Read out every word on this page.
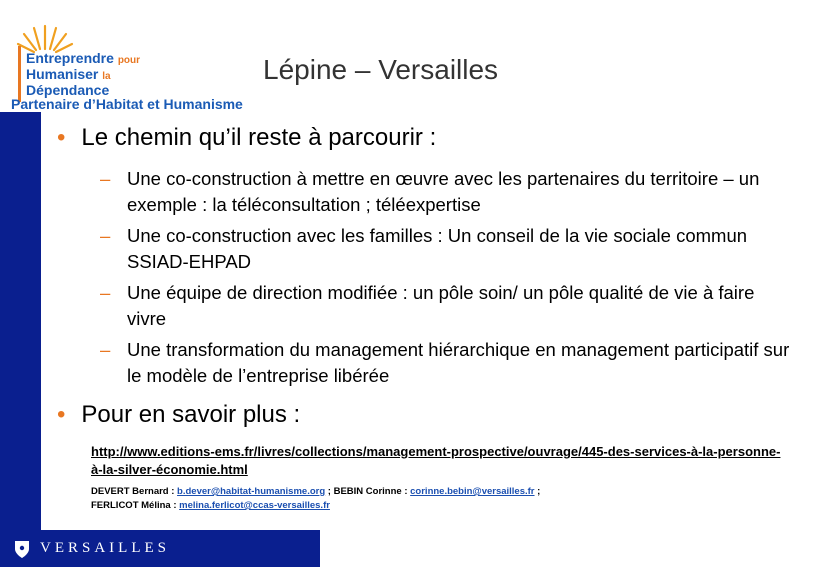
Entreprendre pour
Humaniser la
Dépendance
Partenaire d’Habitat et Humanisme
Lépine – Versailles
• Le chemin qu’il reste à parcourir :
– Une co-construction à mettre en œuvre avec les partenaires du territoire – un exemple : la téléconsultation ; téléexpertise
– Une co-construction avec les familles : Un conseil de la vie sociale commun SSIAD-EHPAD
– Une équipe de direction modifiée : un pôle soin/ un pôle qualité de vie à faire vivre
– Une transformation du management hiérarchique en management participatif sur le modèle de l’entreprise libérée
• Pour en savoir plus :
http://www.editions-ems.fr/livres/collections/management-prospective/ouvrage/445-des-services-à-la-personne-à-la-silver-économie.html
DEVERT Bernard : b.dever@habitat-humanisme.org ; BEBIN Corinne : corinne.bebin@versailles.fr ;
FERLICOT Mélina : melina.ferlicot@ccas-versailles.fr
VERSAILLES
